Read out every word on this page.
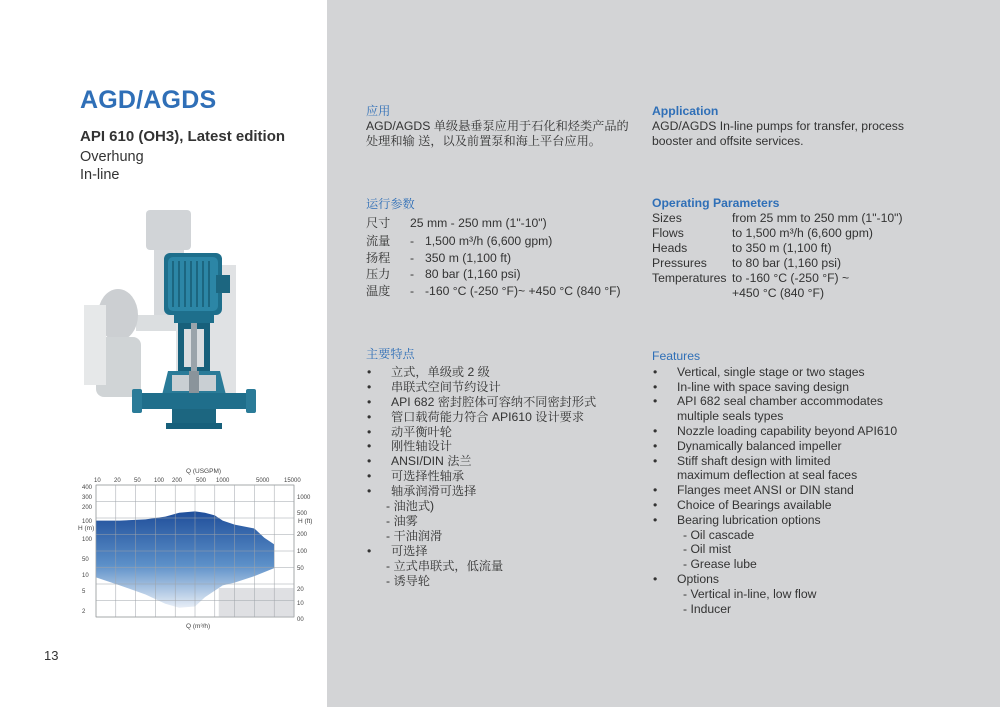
AGD/AGDS
API 610 (OH3), Latest edition
Overhung
In-line
Q (USGPM)
10 20 50 100 200 500 1000	5000 15000
H (m)
H (ft)
400
300
200
100
100
50
10
5
2
1000
500
200
100
50
20
10
00
Q (m³/h)
应用
AGD/AGDS 单级悬垂泵应用于石化和烃类产品的
处理和输 送，以及前置泵和海上平台应用。
运行参数
尺寸	25 mm - 250 mm (1"-10")
流量	- 1,500 m³/h (6,600 gpm)
扬程	- 350 m (1,100 ft)
压力	- 80 bar (1,160 psi)
温度	- -160 °C (-250 °F)~ +450 °C (840 °F)
主要特点
• 立式，单级或 2 级
• 串联式空间节约设计
• API 682 密封腔体可容纳不同密封形式
• 管口载荷能力符合 API610 设计要求
• 动平衡叶轮
• 刚性轴设计
• ANSI/DIN 法兰
• 可选择性轴承
• 轴承润滑可选择
- 油池式)
- 油雾
- 干油润滑
• 可选择
- 立式串联式，低流量
- 诱导轮
Application
AGD/AGDS In-line pumps for transfer, process
booster and offsite services.
Operating Parameters
Sizes	from 25 mm to 250 mm (1"-10")
Flows	to 1,500 m³/h (6,600 gpm)
Heads	to 350 m (1,100 ft)
Pressures	to 80 bar (1,160 psi)
Temperatures to -160 °C (-250 °F) ~
+450 °C (840 °F)
Features
• Vertical, single stage or two stages
• In-line with space saving design
• API 682 seal chamber accommodates
multiple seals types
• Nozzle loading capability beyond API610
• Dynamically balanced impeller
• Stiff shaft design with limited
maximum deflection at seal faces
• Flanges meet ANSI or DIN stand
• Choice of Bearings available
• Bearing lubrication options
- Oil cascade
- Oil mist
- Grease lube
• Options
- Vertical in-line, low flow
- Inducer
13
